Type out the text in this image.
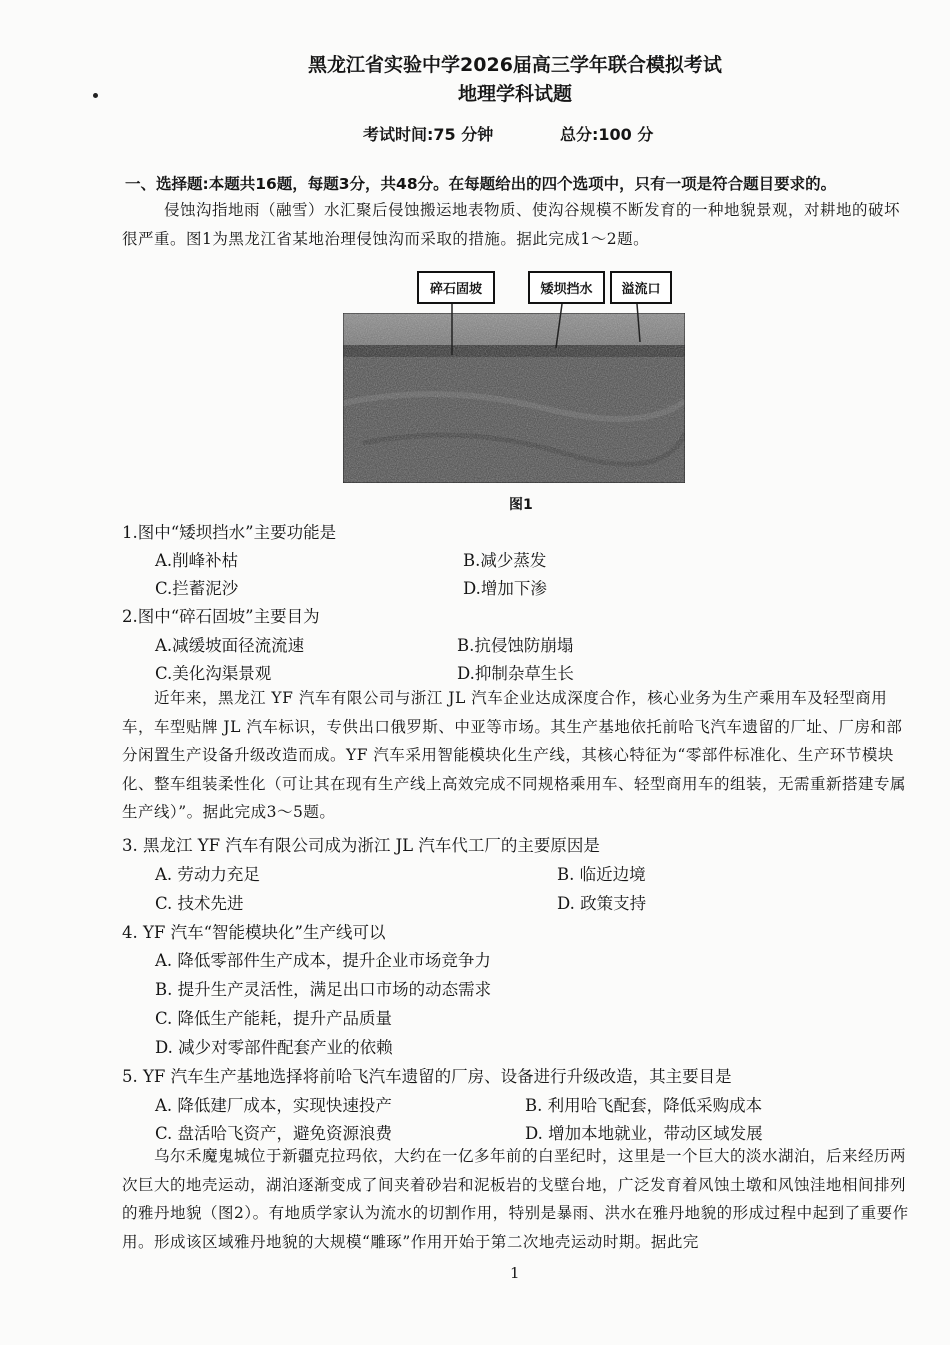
黑龙江省实验中学2026届高三学年联合模拟考试
地理学科试题
考试时间:75 分钟	总分:100 分
一、选择题:本题共16题，每题3分，共48分。在每题给出的四个选项中，只有一项是符合题目要求的。
侵蚀沟指地雨（融雪）水汇聚后侵蚀搬运地表物质、使沟谷规模不断发育的一种地貌景观，对耕地的破坏很严重。图1为黑龙江省某地治理侵蚀沟而采取的措施。据此完成1～2题。
碎石固坡	矮坝挡水	溢流口
图1
1.图中“矮坝挡水”主要功能是
A.削峰补枯	B.减少蒸发
C.拦蓄泥沙	D.增加下渗
2.图中“碎石固坡”主要目为
A.减缓坡面径流流速	B.抗侵蚀防崩塌
C.美化沟渠景观	D.抑制杂草生长
近年来，黑龙江 YF 汽车有限公司与浙江 JL 汽车企业达成深度合作，核心业务为生产乘用车及轻型商用车，车型贴牌 JL 汽车标识，专供出口俄罗斯、中亚等市场。其生产基地依托前哈飞汽车遗留的厂址、厂房和部分闲置生产设备升级改造而成。YF 汽车采用智能模块化生产线，其核心特征为“零部件标准化、生产环节模块化、整车组装柔性化（可让其在现有生产线上高效完成不同规格乘用车、轻型商用车的组装，无需重新搭建专属生产线）”。据此完成3～5题。
3. 黑龙江 YF 汽车有限公司成为浙江 JL 汽车代工厂的主要原因是
A. 劳动力充足	B. 临近边境
C. 技术先进	D. 政策支持
4. YF 汽车“智能模块化”生产线可以
A. 降低零部件生产成本，提升企业市场竞争力
B. 提升生产灵活性，满足出口市场的动态需求
C. 降低生产能耗，提升产品质量
D. 减少对零部件配套产业的依赖
5. YF 汽车生产基地选择将前哈飞汽车遗留的厂房、设备进行升级改造，其主要目是
A. 降低建厂成本，实现快速投产	B. 利用哈飞配套，降低采购成本
C. 盘活哈飞资产，避免资源浪费	D. 增加本地就业，带动区域发展
乌尔禾魔鬼城位于新疆克拉玛依，大约在一亿多年前的白垩纪时，这里是一个巨大的淡水湖泊，后来经历两次巨大的地壳运动，湖泊逐渐变成了间夹着砂岩和泥板岩的戈壁台地，广泛发育着风蚀土墩和风蚀洼地相间排列的雅丹地貌（图2）。有地质学家认为流水的切割作用，特别是暴雨、洪水在雅丹地貌的形成过程中起到了重要作用。形成该区域雅丹地貌的大规模“雕琢”作用开始于第二次地壳运动时期。据此完
1
